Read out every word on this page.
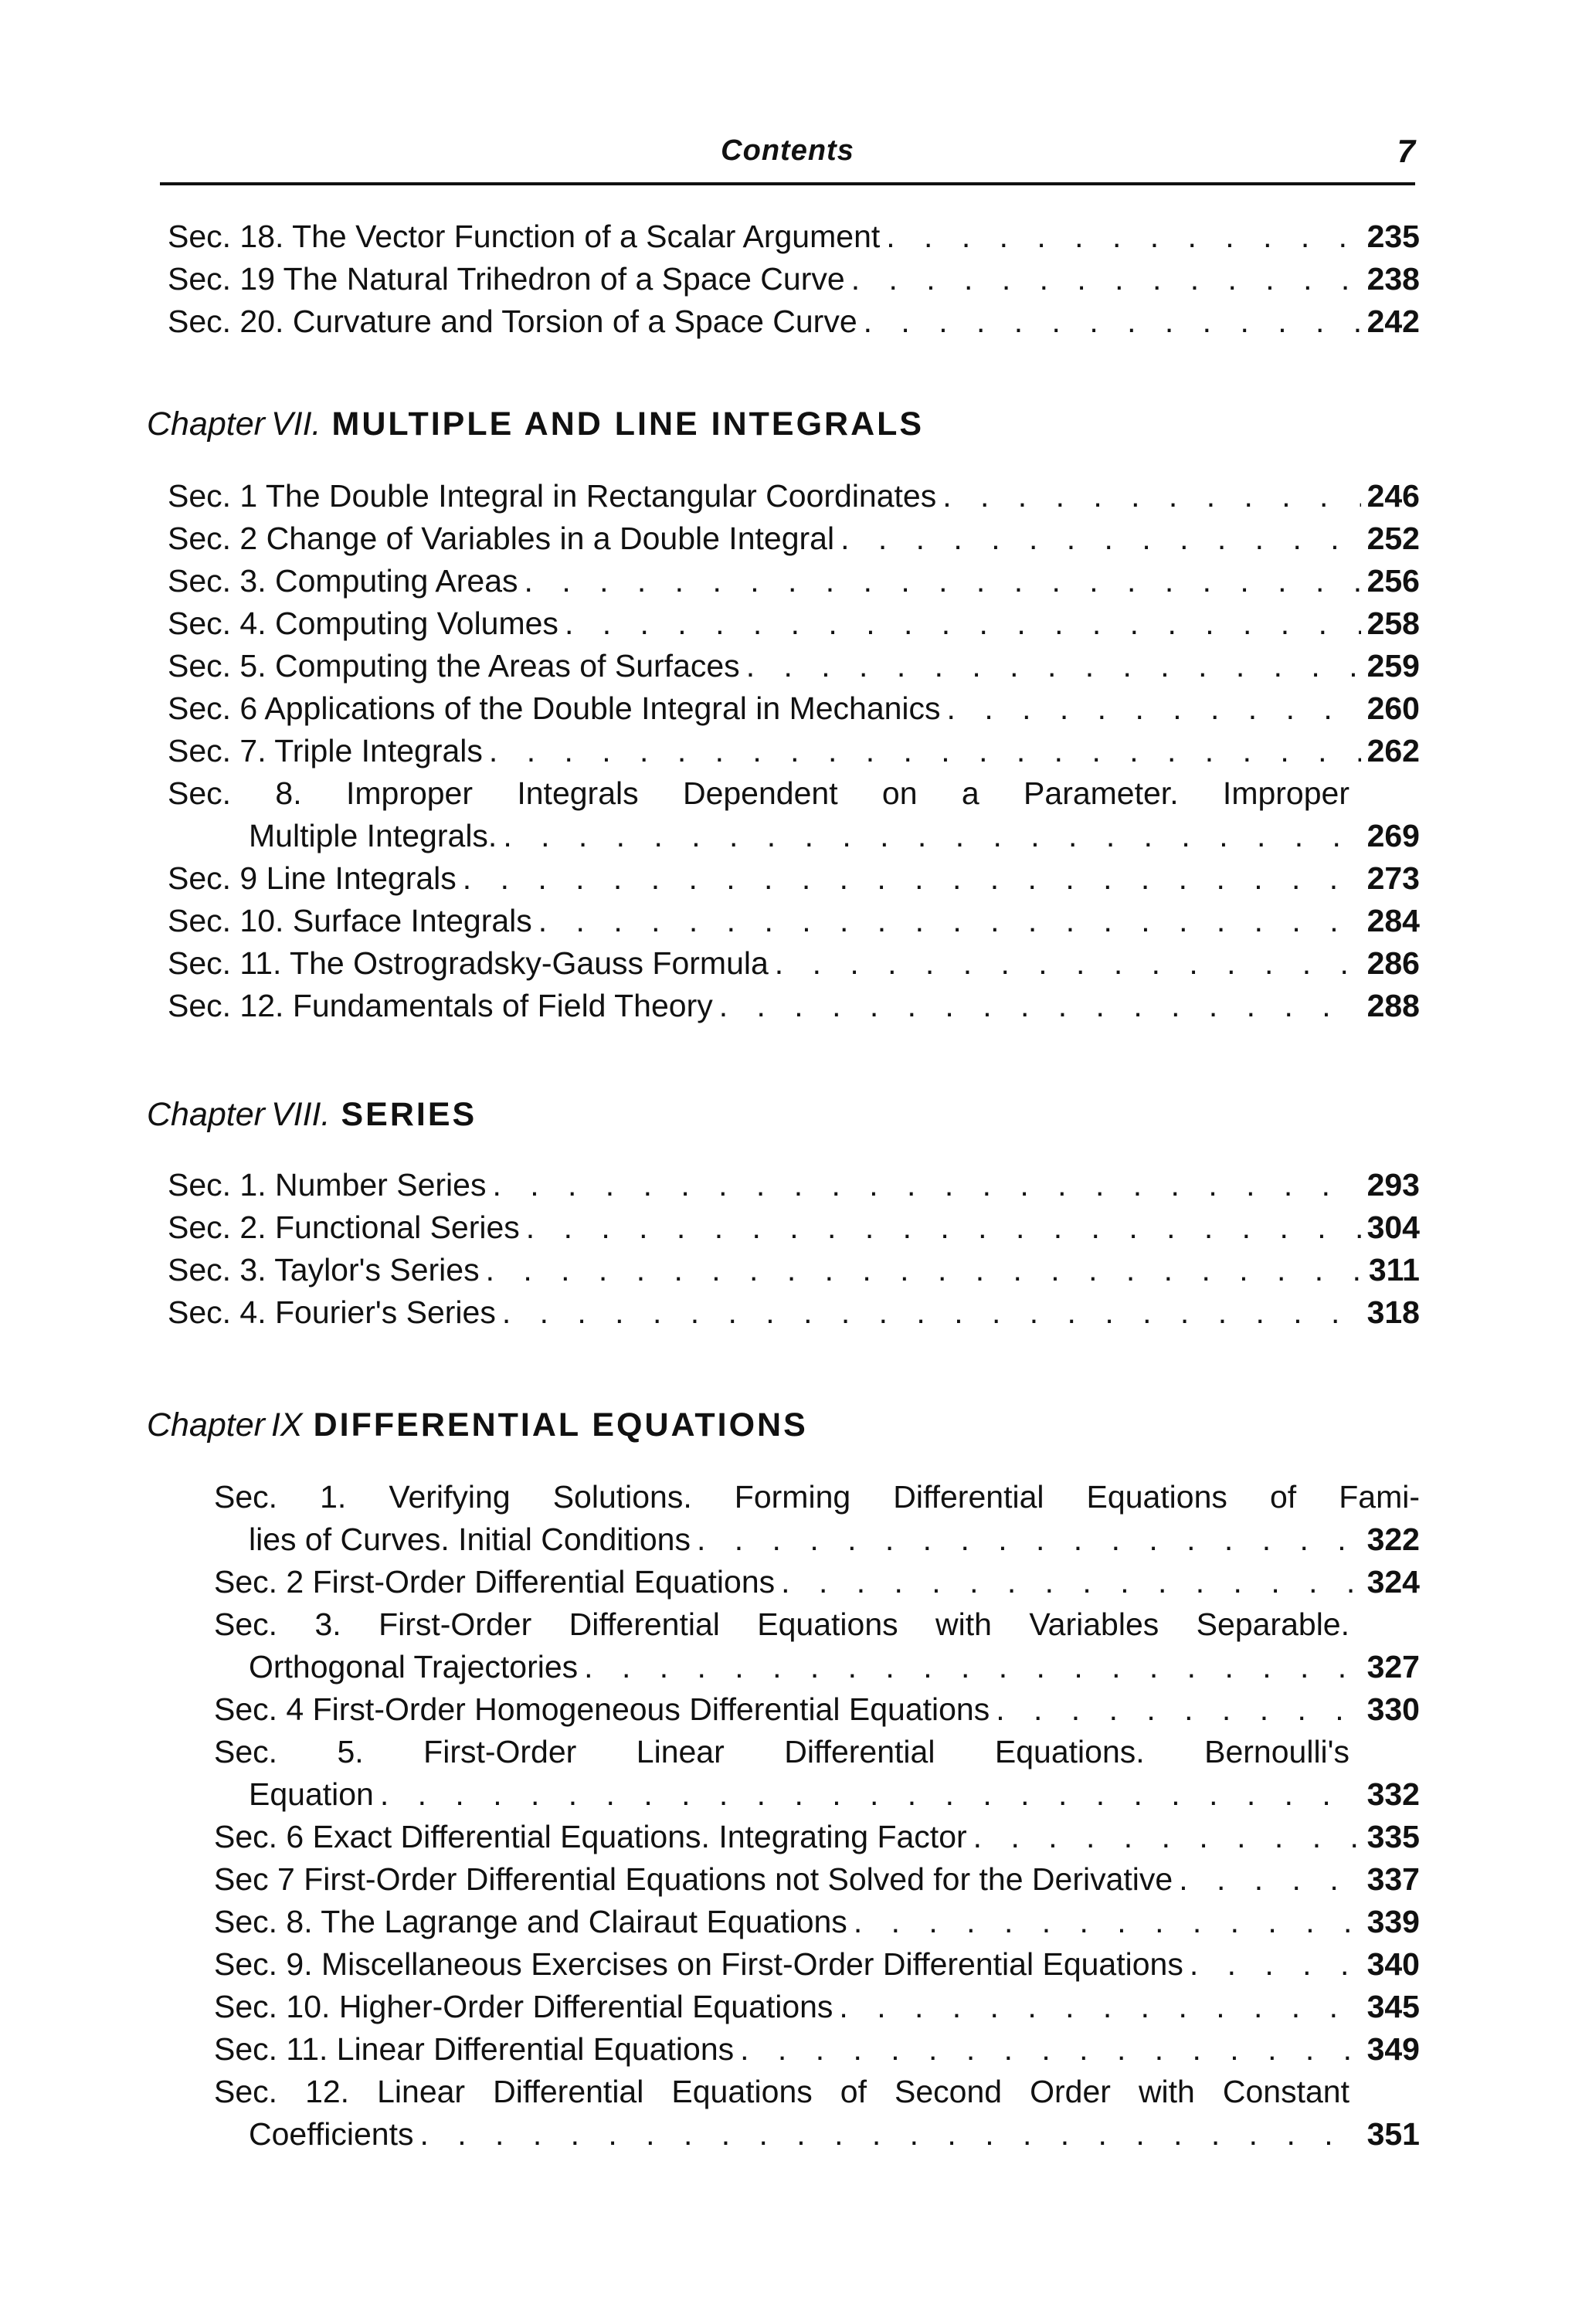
Contents	7
Sec. 18. The Vector Function of a Scalar Argument . . .	235
Sec. 19 The Natural Trihedron of a Space Curve . . .	238
Sec. 20. Curvature and Torsion of a Space Curve . . .	242
Chapter VII. MULTIPLE AND LINE INTEGRALS
Sec. 1 The Double Integral in Rectangular Coordinates . . .	246
Sec. 2 Change of Variables in a Double Integral . . .	252
Sec. 3. Computing Areas . . .	256
Sec. 4. Computing Volumes . . .	258
Sec. 5. Computing the Areas of Surfaces . . .	259
Sec. 6 Applications of the Double Integral in Mechanics . . .	260
Sec. 7. Triple Integrals . . .	262
Sec. 8. Improper Integrals Dependent on a Parameter. Improper
Multiple Integrals. . . .	269
Sec. 9 Line Integrals . . .	273
Sec. 10. Surface Integrals . . .	284
Sec. 11. The Ostrogradsky-Gauss Formula . . .	286
Sec. 12. Fundamentals of Field Theory . . .	288
Chapter VIII. SERIES
Sec. 1. Number Series . . .	293
Sec. 2. Functional Series . . .	304
Sec. 3. Taylor's Series . . .	311
Sec. 4. Fourier's Series . . .	318
Chapter IX DIFFERENTIAL EQUATIONS
Sec. 1. Verifying Solutions. Forming Differential Equations of Fami-
lies of Curves. Initial Conditions . . .	322
Sec. 2 First-Order Differential Equations . . .	324
Sec. 3. First-Order Differential Equations with Variables Separable.
Orthogonal Trajectories . . .	327
Sec. 4 First-Order Homogeneous Differential Equations . . .	330
Sec. 5. First-Order Linear Differential Equations. Bernoulli's
Equation . . .	332
Sec. 6 Exact Differential Equations. Integrating Factor . . .	335
Sec 7 First-Order Differential Equations not Solved for the Derivative . . .	337
Sec. 8. The Lagrange and Clairaut Equations . . .	339
Sec. 9. Miscellaneous Exercises on First-Order Differential Equations . . .	340
Sec. 10. Higher-Order Differential Equations . . .	345
Sec. 11. Linear Differential Equations . . .	349
Sec. 12. Linear Differential Equations of Second Order with Constant
Coefficients . . .	351
